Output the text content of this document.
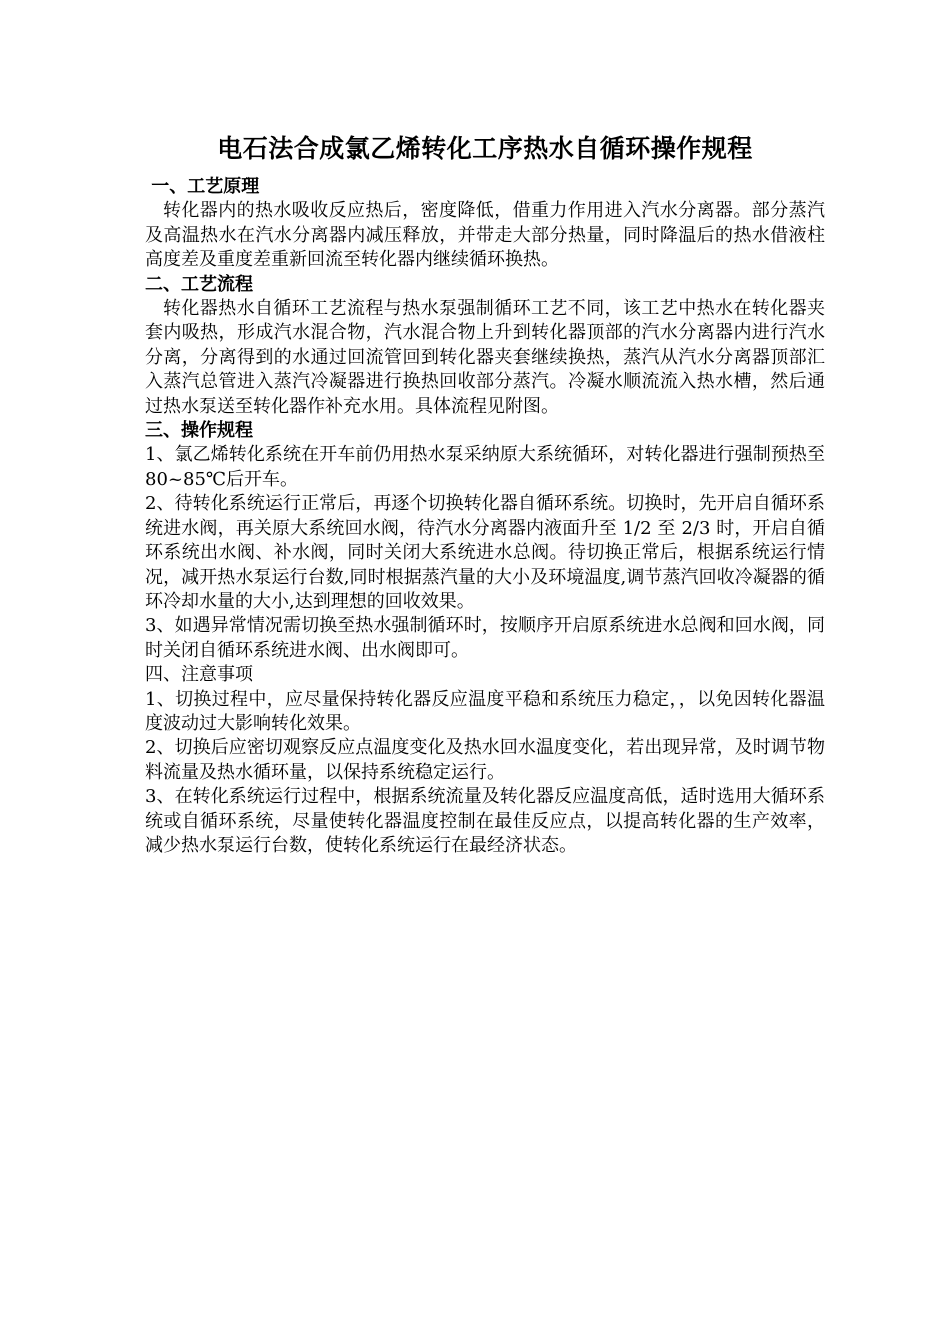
电石法合成氯乙烯转化工序热水自循环操作规程
一、工艺原理

转化器内的热水吸收反应热后，密度降低，借重力作用进入汽水分离器。部分蒸汽及高温热水在汽水分离器内减压释放，并带走大部分热量，同时降温后的热水借液柱高度差及重度差重新回流至转化器内继续循环换热。

二、工艺流程

转化器热水自循环工艺流程与热水泵强制循环工艺不同，该工艺中热水在转化器夹套内吸热，形成汽水混合物，汽水混合物上升到转化器顶部的汽水分离器内进行汽水分离，分离得到的水通过回流管回到转化器夹套继续换热，蒸汽从汽水分离器顶部汇入蒸汽总管进入蒸汽冷凝器进行换热回收部分蒸汽。冷凝水顺流流入热水槽，然后通过热水泵送至转化器作补充水用。具体流程见附图。

三、操作规程

1、氯乙烯转化系统在开车前仍用热水泵采纳原大系统循环，对转化器进行强制预热至 80~85℃后开车。

2、待转化系统运行正常后，再逐个切换转化器自循环系统。切换时，先开启自循环系统进水阀，再关原大系统回水阀，待汽水分离器内液面升至 1/2 至 2/3 时，开启自循环系统出水阀、补水阀，同时关闭大系统进水总阀。待切换正常后，根据系统运行情况，减开热水泵运行台数,同时根据蒸汽量的大小及环境温度,调节蒸汽回收冷凝器的循环冷却水量的大小,达到理想的回收效果。

3、如遇异常情况需切换至热水强制循环时，按顺序开启原系统进水总阀和回水阀，同时关闭自循环系统进水阀、出水阀即可。

四、注意事项

1、切换过程中，应尽量保持转化器反应温度平稳和系统压力稳定，，以免因转化器温度波动过大影响转化效果。

2、切换后应密切观察反应点温度变化及热水回水温度变化，若出现异常，及时调节物料流量及热水循环量，以保持系统稳定运行。

3、在转化系统运行过程中，根据系统流量及转化器反应温度高低，适时选用大循环系统或自循环系统，尽量使转化器温度控制在最佳反应点，以提高转化器的生产效率，减少热水泵运行台数，使转化系统运行在最经济状态。
